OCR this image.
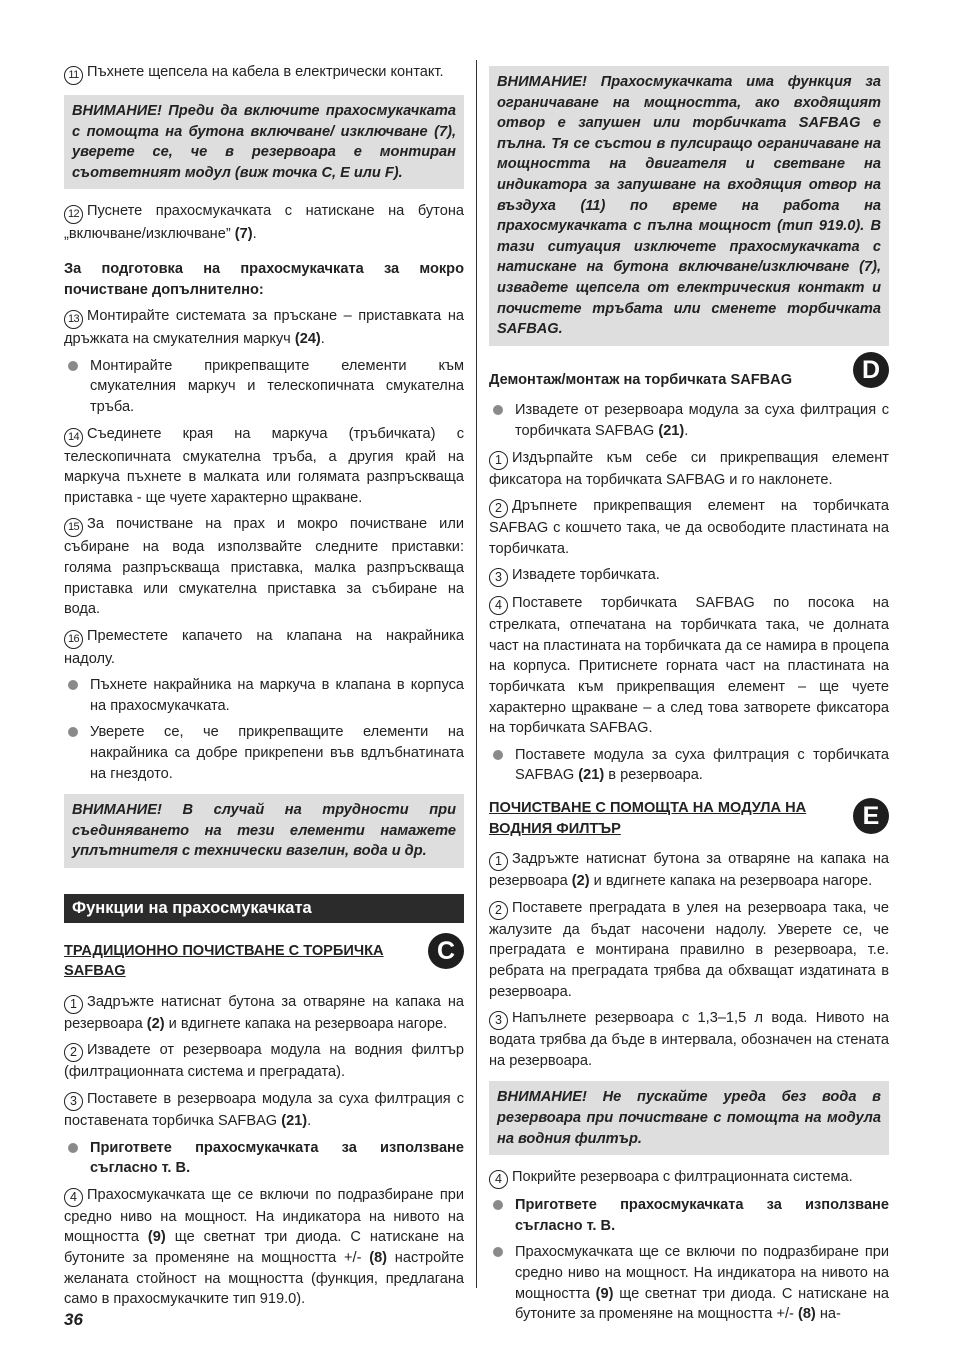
11 Пъхнете щепсела на кабела в електрически контакт.

ВНИМАНИЕ! Преди да включите прахосмукачката с помощта на бутона включване/ изключване (7), уверете се, че в резервоара е монтиран съответният модул (виж точка C, E или F).

12 Пуснете прахосмукачката с натискане на бутона „включване/изключване” (7).

За подготовка на прахосмукачката за мокро почистване допълнително:

13 Монтирайте системата за пръскане – приставката на дръжката на смукателния маркуч (24).

Монтирайте прикрепващите елементи към смукателния маркуч и телескопичната смукателна тръба.

14 Съединете края на маркуча (тръбичката) с телескопичната смукателна тръба, а другия край на маркуча пъхнете в малката или голямата разпръскваща приставка - ще чуете характерно щракване.

15 За почистване на прах и мокро почистване или събиране на вода използвайте следните приставки: голяма разпръскваща приставка, малка разпръскваща приставка или смукателна приставка за събиране на вода.

16 Преместете капачето на клапана на накрайника надолу.

Пъхнете накрайника на маркуча в клапана в корпуса на прахосмукачката.
Уверете се, че прикрепващите елементи на накрайника са добре прикрепени във вдлъбнатината на гнездото.
ВНИМАНИЕ! В случай на трудности при съединяването на тези елементи намажете уплътнителя с технически вазелин, вода и др.
Функции на прахосмукачката
ТРАДИЦИОННО ПОЧИСТВАНЕ С ТОРБИЧКА SAFBAG
C

1 Задръжте натиснат бутона за отваряне на капака на резервоара (2) и вдигнете капака на резервоара нагоре.

2 Извадете от резервоара модула на водния филтър (филтрационната система и преградата).

3 Поставете в резервоара модула за суха филтрация с поставената торбичка SAFBAG (21).

Пригответе прахосмукачката за използване съгласно т. B.

4 Прахосмукачката ще се включи по подразбиране при средно ниво на мощност. На индикатора на нивото на мощността (9) ще светнат три диода. С натискане на бутоните за променяне на мощността +/- (8) настройте желаната стойност на мощността (функция, предлагана само в прахосмукачките тип 919.0).

ВНИМАНИЕ! Прахосмукачката има функция за ограничаване на мощността, ако входящият отвор е запушен или торбичката SAFBAG е пълна. Тя се състои в пулсиращо ограничаване на мощността на двигателя и светване на индикатора за запушване на входящия отвор на въздуха (11) по време на работа на прахосмукачката с пълна мощност (тип 919.0). В тази ситуация изключете прахосмукачката с натискане на бутона включване/изключване (7), извадете щепсела от електрическия контакт и почистете тръбата или сменете торбичката SAFBAG.
Демонтаж/монтаж на торбичката SAFBAG	D
Извадете от резервоара модула за суха филтрация с торбичката SAFBAG (21).

1 Издърпайте към себе си прикрепващия елемент фиксатора на торбичката SAFBAG и го наклонете.

2 Дръпнете прикрепващия елемент на торбичката SAFBAG с кошчето така, че да освободите пластината на торбичката.

3 Извадете торбичката.

4 Поставете торбичката SAFBAG по посока на стрелката, отпечатана на торбичката така, че долната част на пластината на торбичката да се намира в процепа на корпуса. Притиснете горната част на пластината на торбичката към прикрепващия елемент – ще чуете характерно щракване – а след това затворете фиксатора на торбичката SAFBAG.

Поставете модула за суха филтрация с торбичката SAFBAG (21) в резервоара.
ПОЧИСТВАНЕ С ПОМОЩТА НА МОДУЛА НА ВОДНИЯ ФИЛТЪР	E

1 Задръжте натиснат бутона за отваряне на капака на резервоара (2) и вдигнете капака на резервоара нагоре.

2 Поставете преградата в улея на резервоара така, че жалузите да бъдат насочени надолу. Уверете се, че преградата е монтирана правилно в резервоара, т.е. ребрата на преградата трябва да обхващат издатината в резервоара.

3 Напълнете резервоара с 1,3–1,5 л вода. Нивото на водата трябва да бъде в интервала, обозначен на стената на резервоара.

ВНИМАНИЕ! Не пускайте уреда без вода в резервоара при почистване с помощта на модула на водния филтър.

4 Покрийте резервоара с филтрационната система.

Пригответе прахосмукачката за използване съгласно т. B.
Прахосмукачката ще се включи по подразбиране при средно ниво на мощност. На индикатора на нивото на мощността (9) ще светнат три диода. С натискане на бутоните за променяне на мощността +/- (8) на-
36
